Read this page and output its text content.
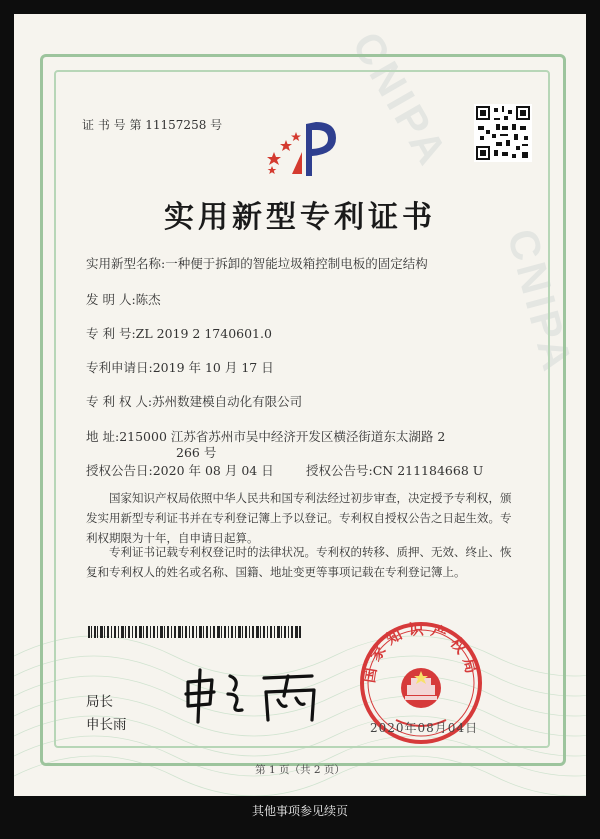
CNIPA
CNIPA
证 书 号 第 11157258 号
实用新型专利证书
实用新型名称:一种便于拆卸的智能垃圾箱控制电板的固定结构
发 明 人:陈杰
专 利 号:ZL 2019 2 1740601.0
专利申请日:2019 年 10 月 17 日
专 利 权 人:苏州数建模自动化有限公司
地 址:215000 江苏省苏州市吴中经济开发区横泾街道东太湖路 2
266 号
授权公告日:2020 年 08 月 04 日	授权公告号:CN 211184668 U
国家知识产权局依照中华人民共和国专利法经过初步审查，决定授予专利权，颁发实用新型专利证书并在专利登记簿上予以登记。专利权自授权公告之日起生效。专利权期限为十年，自申请日起算。
专利证书记载专利权登记时的法律状况。专利权的转移、质押、无效、终止、恢复和专利权人的姓名或名称、国籍、地址变更等事项记载在专利登记簿上。
国家知识产权局
2020年08月04日
局长
申长雨
第 1 页（共 2 页）
其他事项参见续页
